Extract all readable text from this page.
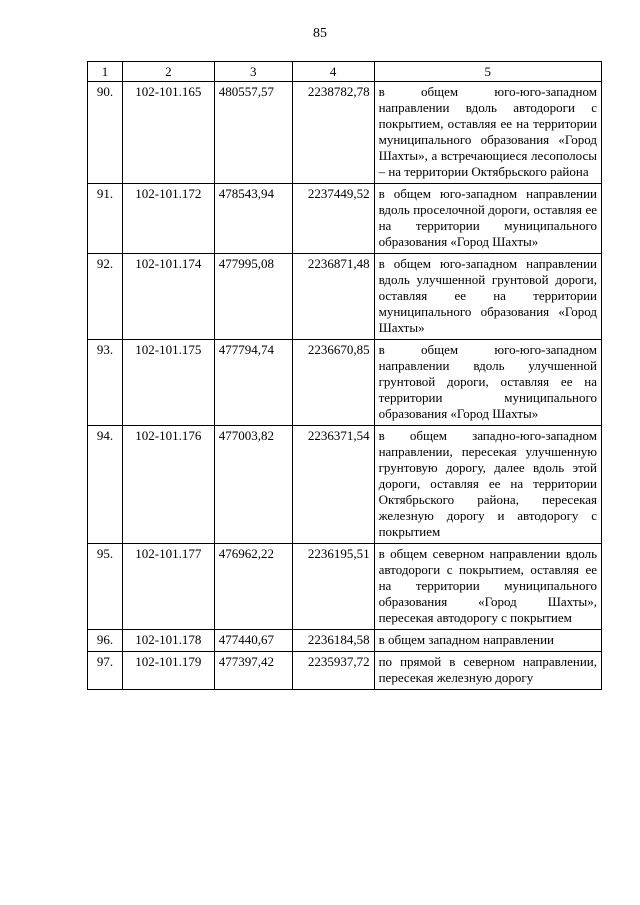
85
1	2	3	4	5
90.	102-101.165	480557,57	2238782,78	в общем юго-юго-западном направлении вдоль автодороги с покрытием, оставляя ее на территории муниципального образования «Город Шахты», а встречающиеся лесополосы – на территории Октябрьского района
91.	102-101.172	478543,94	2237449,52	в общем юго-западном направлении вдоль проселочной дороги, оставляя ее на территории муниципального образования «Город Шахты»
92.	102-101.174	477995,08	2236871,48	в общем юго-западном направлении вдоль улучшенной грунтовой дороги, оставляя ее на территории муниципального образования «Город Шахты»
93.	102-101.175	477794,74	2236670,85	в общем юго-юго-западном направлении вдоль улучшенной грунтовой дороги, оставляя ее на территории муниципального образования «Город Шахты»
94.	102-101.176	477003,82	2236371,54	в общем западно-юго-западном направлении, пересекая улучшенную грунтовую дорогу, далее вдоль этой дороги, оставляя ее на территории Октябрьского района, пересекая железную дорогу и автодорогу с покрытием
95.	102-101.177	476962,22	2236195,51	в общем северном направлении вдоль автодороги с покрытием, оставляя ее на территории муниципального образования «Город Шахты», пересекая автодорогу с покрытием
96.	102-101.178	477440,67	2236184,58	в общем западном направлении
97.	102-101.179	477397,42	2235937,72	по прямой в северном направлении, пересекая железную дорогу
